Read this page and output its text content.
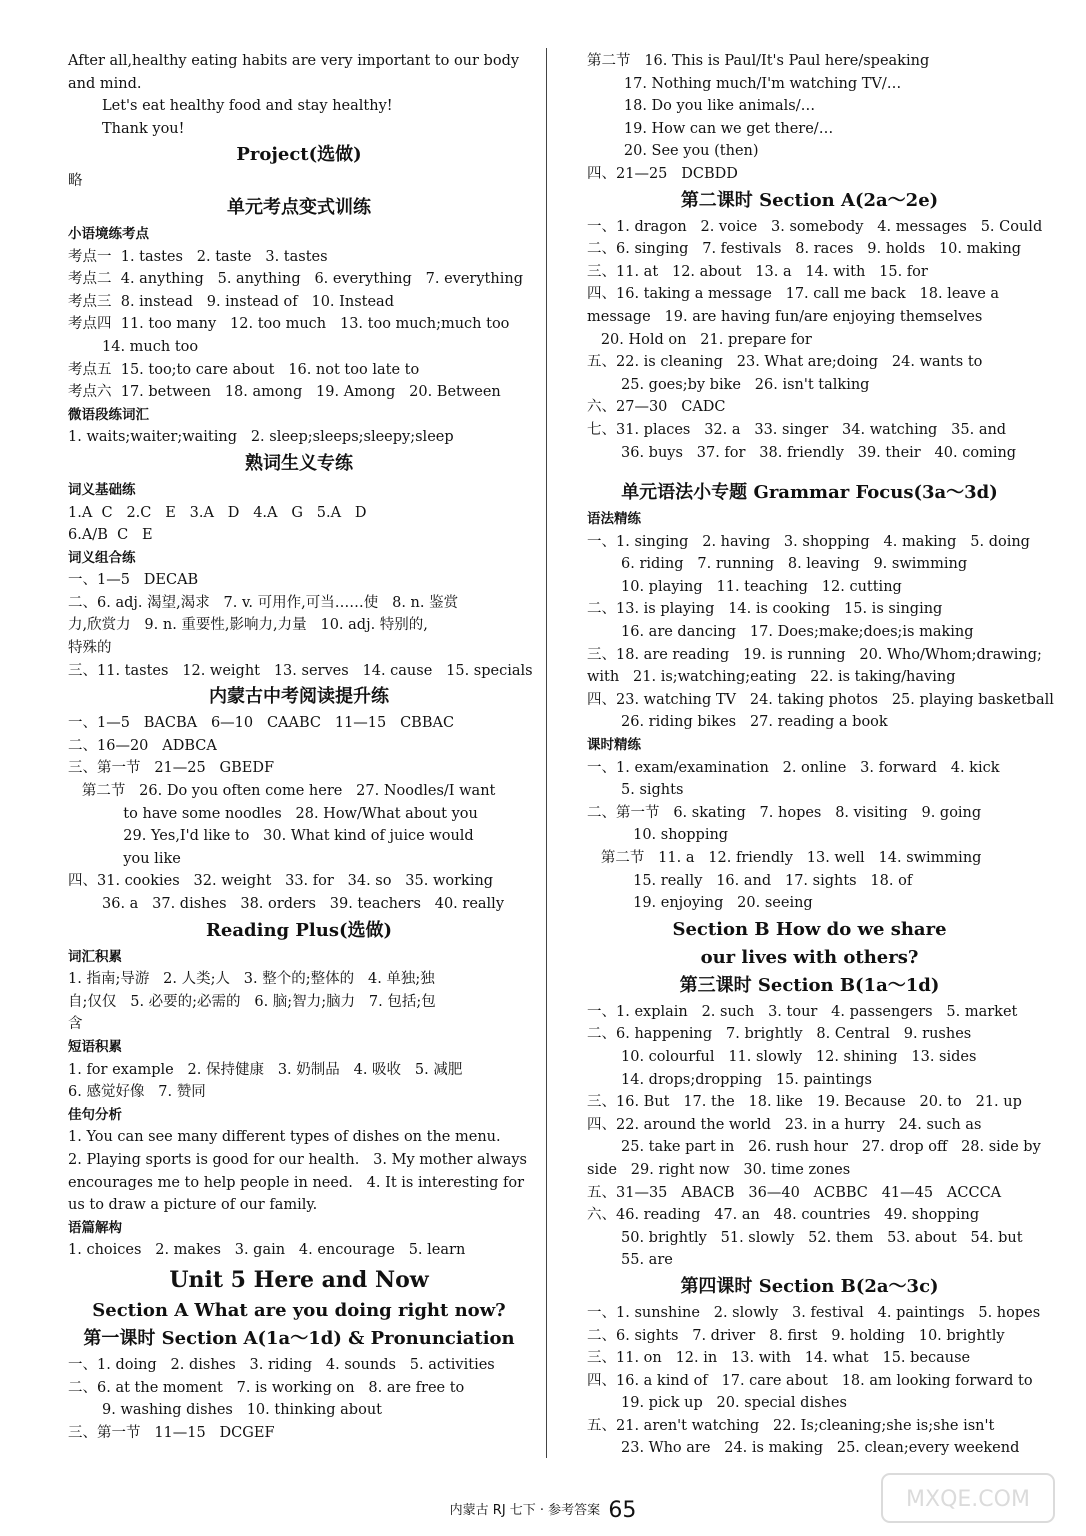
After all,healthy eating habits are very important to our body
and mind.
Let's eat healthy food and stay healthy!
Thank you!
Project(选做)
略
单元考点变式训练
小语境练考点
考点一  1. tastes   2. taste   3. tastes
考点二  4. anything   5. anything   6. everything   7. everything
考点三  8. instead   9. instead of   10. Instead
考点四  11. too many   12. too much   13. too much;much too
14. much too
考点五  15. too;to care about   16. not too late to
考点六  17. between   18. among   19. Among   20. Between
微语段练词汇
1. waits;waiter;waiting   2. sleep;sleeps;sleepy;sleep
熟词生义专练
词义基础练
1.A  C   2.C   E   3.A   D   4.A   G   5.A   D
6.A/B  C   E
词义组合练
一、1—5   DECAB
二、6. adj. 渴望,渴求   7. v. 可用作,可当……使   8. n. 鉴赏
力,欣赏力   9. n. 重要性,影响力,力量   10. adj. 特别的,
特殊的
三、11. tastes   12. weight   13. serves   14. cause   15. specials
内蒙古中考阅读提升练
一、1—5   BACBA   6—10   CAABC   11—15   CBBAC
二、16—20   ADBCA
三、第一节   21—25   GBEDF
第二节   26. Do you often come here   27. Noodles/I want
to have some noodles   28. How/What about you
29. Yes,I'd like to   30. What kind of juice would
you like
四、31. cookies   32. weight   33. for   34. so   35. working
36. a   37. dishes   38. orders   39. teachers   40. really
Reading Plus(选做)
词汇积累
1. 指南;导游   2. 人类;人   3. 整个的;整体的   4. 单独;独
自;仅仅   5. 必要的;必需的   6. 脑;智力;脑力   7. 包括;包
含
短语积累
1. for example   2. 保持健康   3. 奶制品   4. 吸收   5. 减肥
6. 感觉好像   7. 赞同
佳句分析
1. You can see many different types of dishes on the menu.
2. Playing sports is good for our health.   3. My mother always
encourages me to help people in need.   4. It is interesting for
us to draw a picture of our family.
语篇解构
1. choices   2. makes   3. gain   4. encourage   5. learn
Unit 5 Here and Now
Section A What are you doing right now?
第一课时 Section A(1a～1d) & Pronunciation
一、1. doing   2. dishes   3. riding   4. sounds   5. activities
二、6. at the moment   7. is working on   8. are free to
9. washing dishes   10. thinking about
三、第一节   11—15   DCGEF
第二节   16. This is Paul/It's Paul here/speaking
17. Nothing much/I'm watching TV/…
18. Do you like animals/…
19. How can we get there/…
20. See you (then)
四、21—25   DCBDD
第二课时 Section A(2a～2e)
一、1. dragon   2. voice   3. somebody   4. messages   5. Could
二、6. singing   7. festivals   8. races   9. holds   10. making
三、11. at   12. about   13. a   14. with   15. for
四、16. taking a message   17. call me back   18. leave a
message   19. are having fun/are enjoying themselves
20. Hold on   21. prepare for
五、22. is cleaning   23. What are;doing   24. wants to
25. goes;by bike   26. isn't talking
六、27—30   CADC
七、31. places   32. a   33. singer   34. watching   35. and
36. buys   37. for   38. friendly   39. their   40. coming
单元语法小专题 Grammar Focus(3a～3d)
语法精练
一、1. singing   2. having   3. shopping   4. making   5. doing
6. riding   7. running   8. leaving   9. swimming
10. playing   11. teaching   12. cutting
二、13. is playing   14. is cooking   15. is singing
16. are dancing   17. Does;make;does;is making
三、18. are reading   19. is running   20. Who/Whom;drawing;
with   21. is;watching;eating   22. is taking/having
四、23. watching TV   24. taking photos   25. playing basketball
26. riding bikes   27. reading a book
课时精练
一、1. exam/examination   2. online   3. forward   4. kick
5. sights
二、第一节   6. skating   7. hopes   8. visiting   9. going
10. shopping
第二节   11. a   12. friendly   13. well   14. swimming
15. really   16. and   17. sights   18. of
19. enjoying   20. seeing
Section B How do we share
our lives with others?
第三课时 Section B(1a～1d)
一、1. explain   2. such   3. tour   4. passengers   5. market
二、6. happening   7. brightly   8. Central   9. rushes
10. colourful   11. slowly   12. shining   13. sides
14. drops;dropping   15. paintings
三、16. But   17. the   18. like   19. Because   20. to   21. up
四、22. around the world   23. in a hurry   24. such as
25. take part in   26. rush hour   27. drop off   28. side by
side   29. right now   30. time zones
五、31—35   ABACB   36—40   ACBBC   41—45   ACCCA
六、46. reading   47. an   48. countries   49. shopping
50. brightly   51. slowly   52. them   53. about   54. but
55. are
第四课时 Section B(2a～3c)
一、1. sunshine   2. slowly   3. festival   4. paintings   5. hopes
二、6. sights   7. driver   8. first   9. holding   10. brightly
三、11. on   12. in   13. with   14. what   15. because
四、16. a kind of   17. care about   18. am looking forward to
19. pick up   20. special dishes
五、21. aren't watching   22. Is;cleaning;she is;she isn't
23. Who are   24. is making   25. clean;every weekend
内蒙古 RJ 七下 · 参考答案 65	MXQE.COM
